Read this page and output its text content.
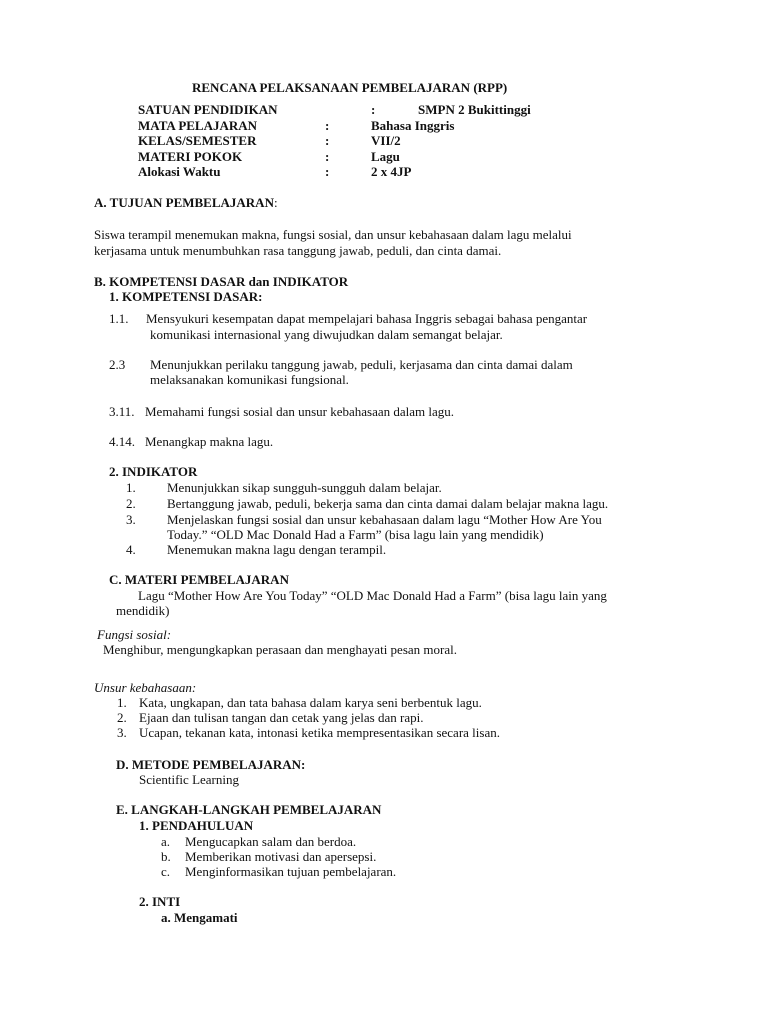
RENCANA PELAKSANAAN PEMBELAJARAN (RPP)
SATUAN PENDIDIKAN	:	SMPN 2 Bukittinggi
MATA PELAJARAN	:	Bahasa Inggris
KELAS/SEMESTER	:	VII/2
MATERI POKOK	:	Lagu
Alokasi Waktu	:	2 x 4JP
A. TUJUAN PEMBELAJARAN:
Siswa terampil menemukan makna, fungsi sosial, dan unsur kebahasaan dalam lagu melalui
kerjasama untuk menumbuhkan rasa tanggung jawab, peduli, dan cinta damai.
B. KOMPETENSI DASAR dan INDIKATOR
1. KOMPETENSI DASAR:
1.1. Mensyukuri kesempatan dapat mempelajari bahasa Inggris sebagai bahasa pengantar
komunikasi internasional yang diwujudkan dalam semangat belajar.
2.3 Menunjukkan perilaku tanggung jawab, peduli, kerjasama dan cinta damai dalam
melaksanakan komunikasi fungsional.
3.11. Memahami fungsi sosial dan unsur kebahasaan dalam lagu.
4.14. Menangkap makna lagu.
2. INDIKATOR
1. Menunjukkan sikap sungguh-sungguh dalam belajar.
2. Bertanggung jawab, peduli, bekerja sama dan cinta damai dalam belajar makna lagu.
3. Menjelaskan fungsi sosial dan unsur kebahasaan dalam lagu “Mother How Are You
Today.” “OLD Mac Donald Had a Farm” (bisa lagu lain yang mendidik)
4. Menemukan makna lagu dengan terampil.
C. MATERI PEMBELAJARAN
Lagu “Mother How Are You Today” “OLD Mac Donald Had a Farm” (bisa lagu lain yang
mendidik)
Fungsi sosial:
Menghibur, mengungkapkan perasaan dan menghayati pesan moral.
Unsur kebahasaan:
1. Kata, ungkapan, dan tata bahasa dalam karya seni berbentuk lagu.
2. Ejaan dan tulisan tangan dan cetak yang jelas dan rapi.
3. Ucapan, tekanan kata, intonasi ketika mempresentasikan secara lisan.
D. METODE PEMBELAJARAN:
Scientific Learning
E. LANGKAH-LANGKAH PEMBELAJARAN
1. PENDAHULUAN
a. Mengucapkan salam dan berdoa.
b. Memberikan motivasi dan apersepsi.
c. Menginformasikan tujuan pembelajaran.
2. INTI
a. Mengamati
